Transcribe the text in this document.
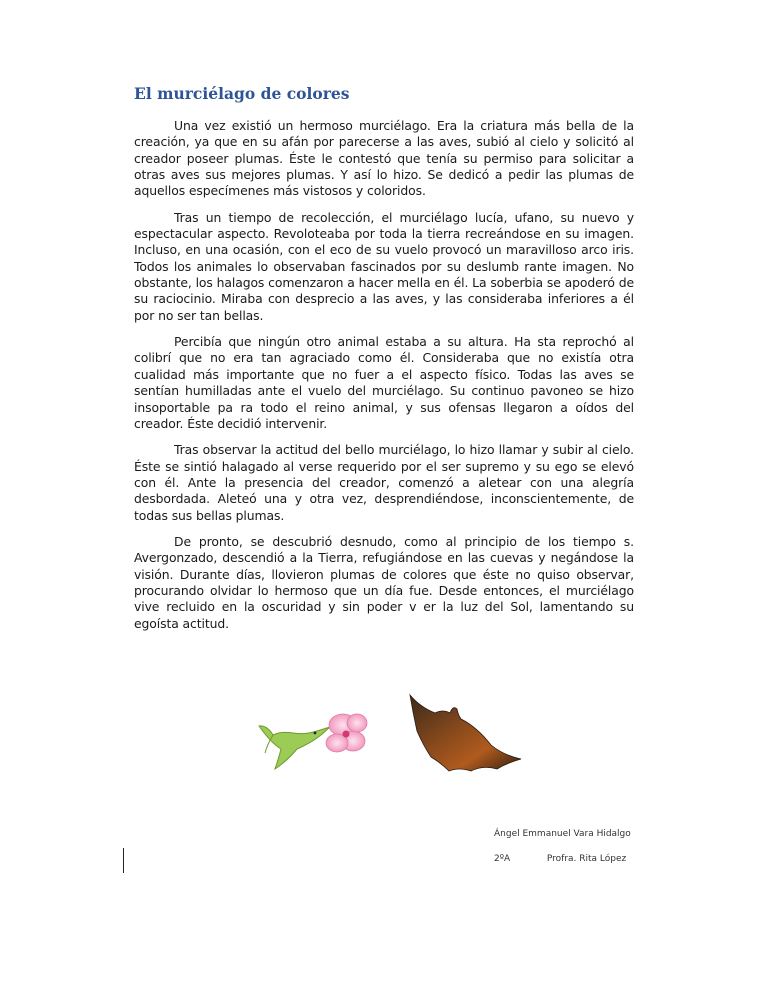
El murciélago de colores

Una vez existió un hermoso murciélago. Era la criatura más bella de la creación, ya que en su afán por parecerse a las aves, subió al cielo y solicitó al creador poseer plumas. Éste le contestó que tenía su permiso para solicitar a otras aves sus mejores plumas. Y así lo hizo. Se dedicó a pedir las plumas de aquellos especímenes más vistosos y coloridos.

Tras un tiempo de recolección, el murciélago lucía, ufano, su nuevo y espectacular aspecto. Revoloteaba por toda la tierra recreándose en su imagen. Incluso, en una ocasión, con el eco de su vuelo provocó un maravilloso arco iris. Todos los animales lo observaban fascinados por su deslumb rante imagen. No obstante, los halagos comenzaron a hacer mella en él. La soberbia se apoderó de su raciocinio. Miraba con desprecio a las aves, y las consideraba inferiores a él por no ser tan bellas.

Percibía que ningún otro animal estaba a su altura. Ha sta reprochó al colibrí que no era tan agraciado como él. Consideraba que no existía otra cualidad más importante que no fuer a el aspecto físico. Todas las aves se sentían humilladas ante el vuelo del murciélago. Su continuo pavoneo se hizo insoportable pa ra todo el reino animal, y sus ofensas llegaron a oídos del creador. Éste decidió intervenir.

Tras observar la actitud del bello murciélago, lo hizo llamar y subir al cielo. Éste se sintió halagado al verse requerido por el ser supremo y su ego se elevó con él. Ante la presencia del creador, comenzó a aletear con una alegría desbordada. Aleteó una y otra vez, desprendiéndose, inconscientemente, de todas sus bellas plumas.

De pronto, se descubrió desnudo, como al principio de los tiempo s. Avergonzado, descendió a la Tierra, refugiándose en las cuevas y negándose la visión. Durante días, llovieron plumas de colores que éste no quiso observar, procurando olvidar lo hermoso que un día fue. Desde entonces, el murciélago vive recluido en la oscuridad y sin poder v er la luz del Sol, lamentando su egoísta actitud.

Ángel Emmanuel Vara Hidalgo
2ºA	Profra. Rita López
